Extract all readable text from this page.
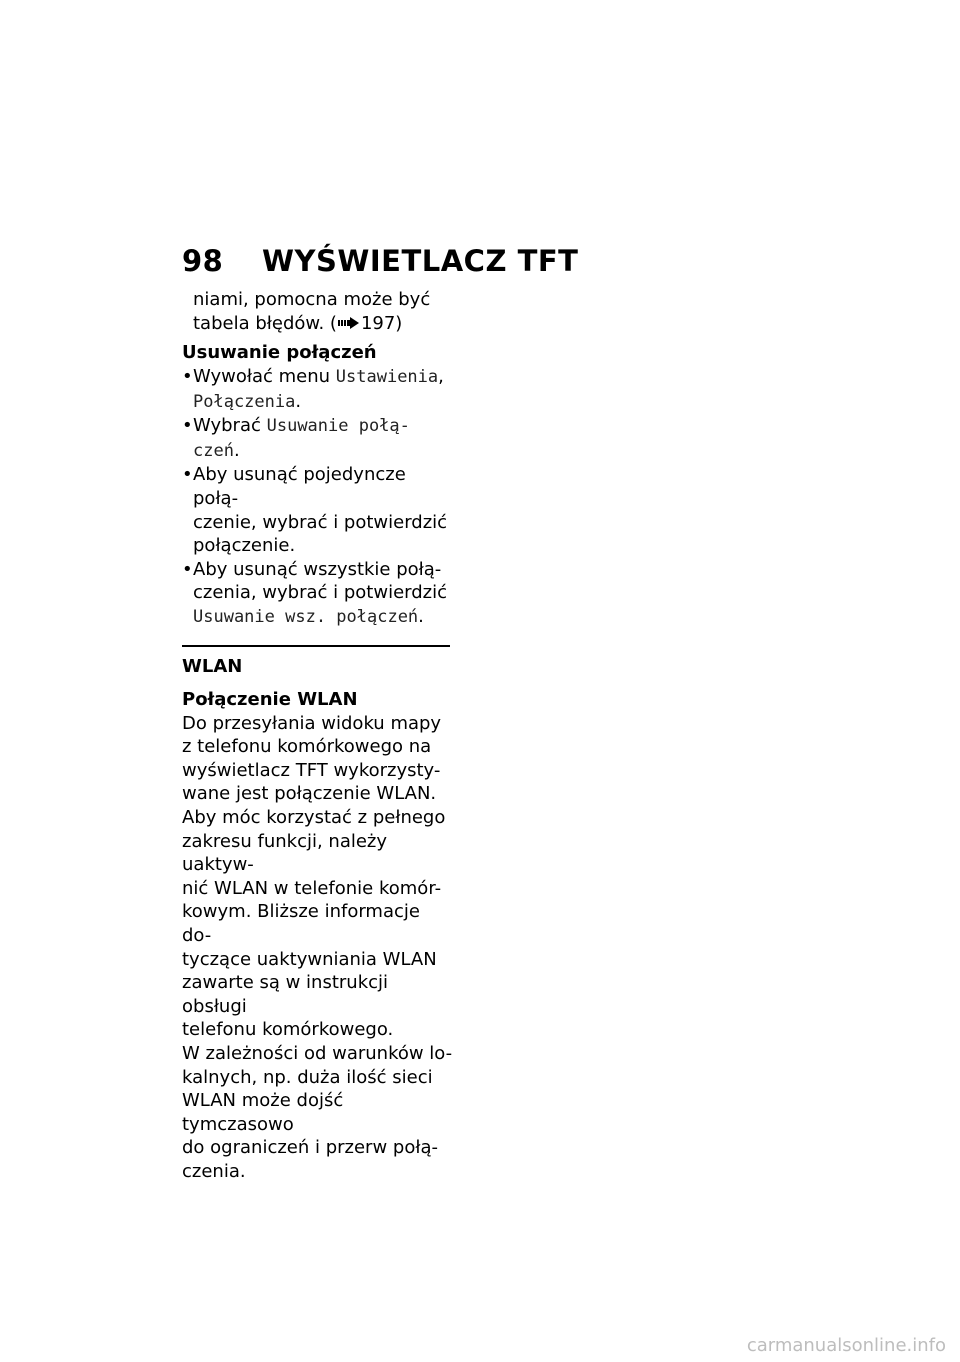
98 WYŚWIETLACZ TFT
niami, pomocna może być
tabela błędów. ( 197)
Usuwanie połączeń
• Wywołać menu Ustawienia,
Połączenia.
• Wybrać Usuwanie połą-
czeń.
• Aby usunąć pojedyncze połą-
czenie, wybrać i potwierdzić
połączenie.
• Aby usunąć wszystkie połą-
czenia, wybrać i potwierdzić
Usuwanie wsz. połączeń.
WLAN
Połączenie WLAN
Do przesyłania widoku mapy
z telefonu komórkowego na
wyświetlacz TFT wykorzysty-
wane jest połączenie WLAN.
Aby móc korzystać z pełnego
zakresu funkcji, należy uaktyw-
nić WLAN w telefonie komór-
kowym. Bliższe informacje do-
tyczące uaktywniania WLAN
zawarte są w instrukcji obsługi
telefonu komórkowego.
W zależności od warunków lo-
kalnych, np. duża ilość sieci
WLAN może dojść tymczasowo
do ograniczeń i przerw połą-
czenia.
carmanualsonline.info
